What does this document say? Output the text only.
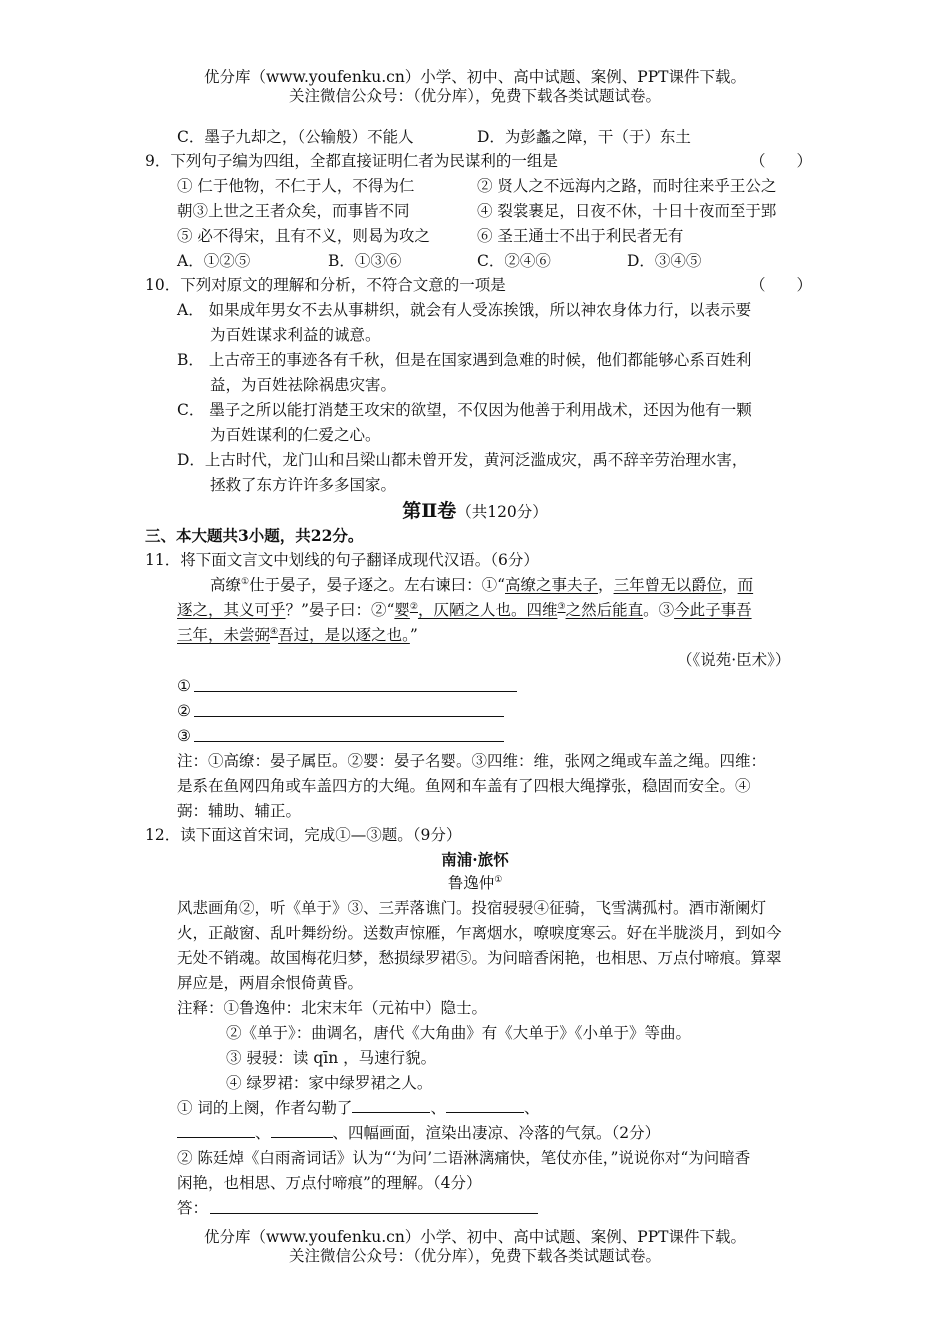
优分库（www.youfenku.cn）小学、初中、高中试题、案例、PPT课件下载。
关注微信公众号：（优分库），免费下载各类试题试卷。
C．墨子九却之，（公输般）不能人	D．为彭蠡之障，干（于）东土
9．下列句子编为四组，全都直接证明仁者为民谋利的一组是	（　　）
① 仁于他物，不仁于人，不得为仁	② 贤人之不远海内之路，而时往来乎王公之
朝③上世之王者众矣，而事皆不同	④ 裂裳裹足，日夜不休，十日十夜而至于郢
⑤ 必不得宋，且有不义，则曷为攻之	⑥ 圣王通士不出于利民者无有
A．①②⑤	B．①③⑥	C．②④⑥	D．③④⑤
10．下列对原文的理解和分析，不符合文意的一项是	（　　）
A． 如果成年男女不去从事耕织，就会有人受冻挨饿，所以神农身体力行，以表示要
为百姓谋求利益的诚意。
B． 上古帝王的事迹各有千秋，但是在国家遇到急难的时候，他们都能够心系百姓利
益，为百姓祛除祸患灾害。
C． 墨子之所以能打消楚王攻宋的欲望，不仅因为他善于利用战术，还因为他有一颗
为百姓谋利的仁爱之心。
D．上古时代，龙门山和吕梁山都未曾开发，黄河泛滥成灾，禹不辞辛劳治理水害，
拯救了东方许许多多国家。
第Ⅱ卷（共120分）
三、本大题共3小题，共22分。
11．将下面文言文中划线的句子翻译成现代汉语。（6分）
高缭①仕于晏子，晏子逐之。左右谏曰：①“高缭之事夫子，三年曾无以爵位，而
逐之，其义可乎？”晏子曰：②“婴②，仄陋之人也。四维③之然后能直。③今此子事吾
三年，未尝弼④吾过，是以逐之也。”
（《说苑·臣术》）
①
②
③
注：①高缭：晏子属臣。②婴：晏子名婴。③四维：维，张网之绳或车盖之绳。四维：
是系在鱼网四角或车盖四方的大绳。鱼网和车盖有了四根大绳撑张，稳固而安全。④
弼：辅助、辅正。
12．读下面这首宋词，完成①—③题。（9分）
南浦·旅怀
鲁逸仲①
风悲画角②，听《单于》③、三弄落谯门。投宿骎骎④征骑，飞雪满孤村。酒市渐阑灯
火，正敲窗、乱叶舞纷纷。送数声惊雁，乍离烟水，嘹唳度寒云。好在半胧淡月，到如今
无处不销魂。故国梅花归梦，愁损绿罗裙⑤。为问暗香闲艳，也相思、万点付啼痕。算翠
屏应是，两眉余恨倚黄昏。
注释：①鲁逸仲：北宋末年（元祐中）隐士。
②《单于》：曲调名，唐代《大角曲》有《大单于》《小单于》等曲。
③ 骎骎：读 qīn ，马速行貌。
④ 绿罗裙：家中绿罗裙之人。
① 词的上阕，作者勾勒了	、	、
、	、四幅画面，渲染出凄凉、冷落的气氛。（2分）
② 陈廷焯《白雨斋词话》认为“‘为问’二语淋漓痛快，笔仗亦佳，”说说你对“为问暗香
闲艳，也相思、万点付啼痕”的理解。（4分）
答：
优分库（www.youfenku.cn）小学、初中、高中试题、案例、PPT课件下载。
关注微信公众号：（优分库），免费下载各类试题试卷。
